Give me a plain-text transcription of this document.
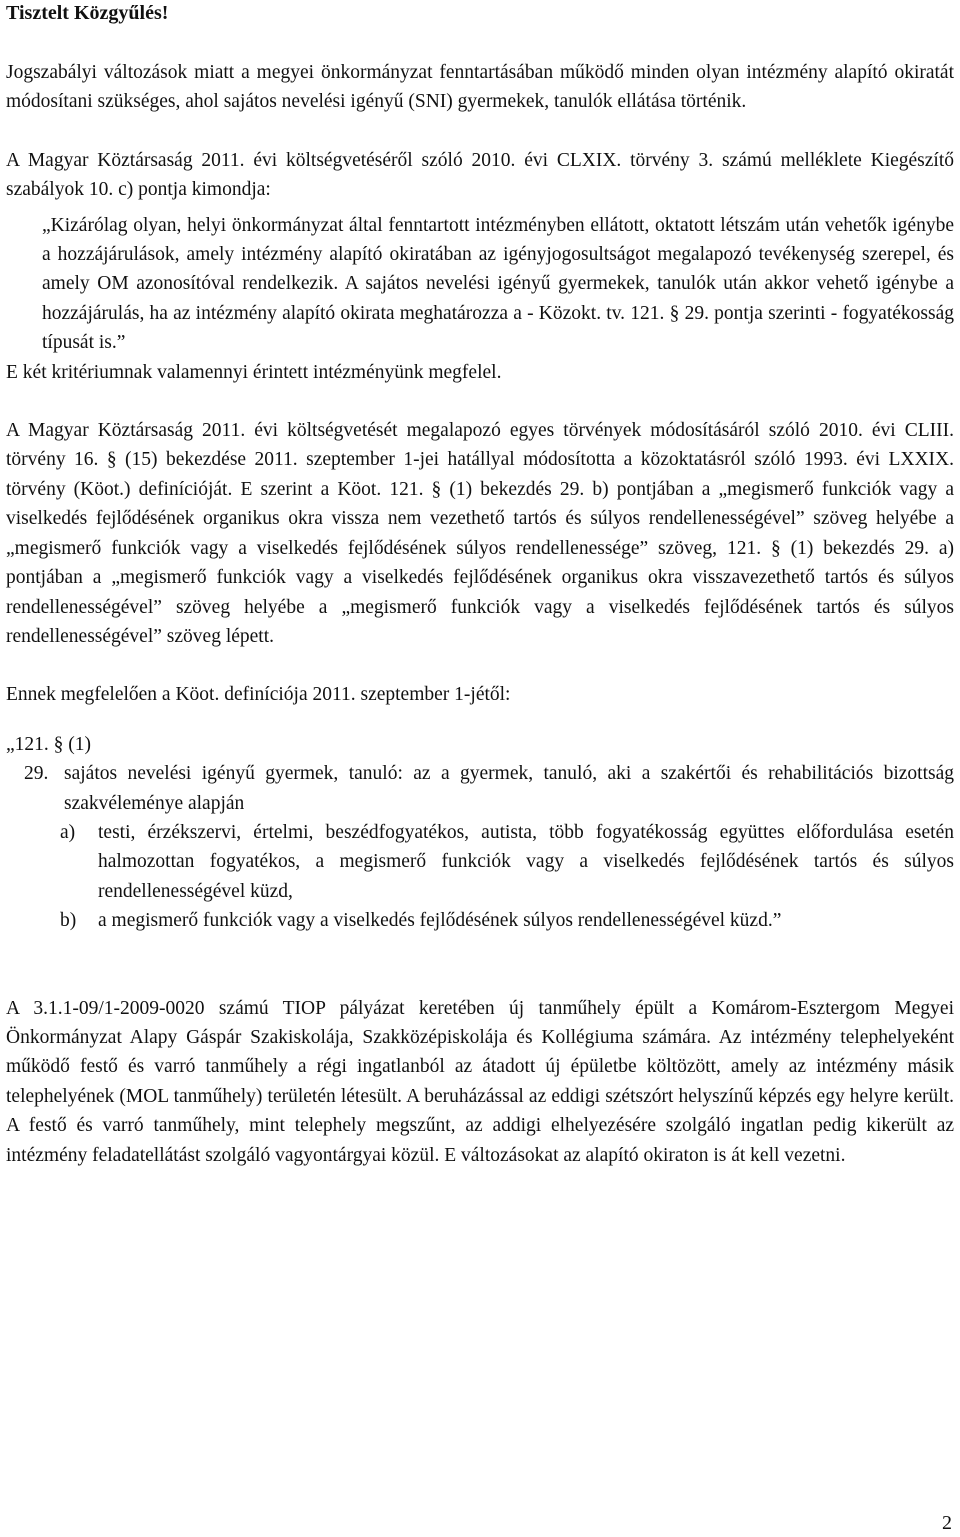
Tisztelt Közgyűlés!

Jogszabályi változások miatt a megyei önkormányzat fenntartásában működő minden olyan intézmény alapító okiratát módosítani szükséges, ahol sajátos nevelési igényű (SNI) gyermekek, tanulók ellátása történik.

A Magyar Köztársaság 2011. évi költségvetéséről szóló 2010. évi CLXIX. törvény 3. számú melléklete Kiegészítő szabályok 10. c) pontja kimondja:

„Kizárólag olyan, helyi önkormányzat által fenntartott intézményben ellátott, oktatott létszám után vehetők igénybe a hozzájárulások, amely intézmény alapító okiratában az igényjogosultságot megalapozó tevékenység szerepel, és amely OM azonosítóval rendelkezik. A sajátos nevelési igényű gyermekek, tanulók után akkor vehető igénybe a hozzájárulás, ha az intézmény alapító okirata meghatározza a - Közokt. tv. 121. § 29. pontja szerinti - fogyatékosság típusát is.”

E két kritériumnak valamennyi érintett intézményünk megfelel.

A Magyar Köztársaság 2011. évi költségvetését megalapozó egyes törvények módosításáról szóló 2010. évi CLIII. törvény 16. § (15) bekezdése 2011. szeptember 1-jei hatállyal módosította a közoktatásról szóló 1993. évi LXXIX. törvény (Köot.) definícióját. E szerint a Köot. 121. § (1) bekezdés 29. b) pontjában a „megismerő funkciók vagy a viselkedés fejlődésének organikus okra vissza nem vezethető tartós és súlyos rendellenességével” szöveg helyébe a „megismerő funkciók vagy a viselkedés fejlődésének súlyos rendellenessége” szöveg, 121. § (1) bekezdés 29. a) pontjában a „megismerő funkciók vagy a viselkedés fejlődésének organikus okra visszavezethető tartós és súlyos rendellenességével” szöveg helyébe a „megismerő funkciók vagy a viselkedés fejlődésének tartós és súlyos rendellenességével” szöveg lépett.

Ennek megfelelően a Köot. definíciója 2011. szeptember 1-jétől:

„121. § (1)

29. sajátos nevelési igényű gyermek, tanuló: az a gyermek, tanuló, aki a szakértői és rehabilitációs bizottság szakvéleménye alapján
a)	testi, érzékszervi, értelmi, beszédfogyatékos, autista, több fogyatékosság együttes előfordulása esetén halmozottan fogyatékos, a megismerő funkciók vagy a viselkedés fejlődésének tartós és súlyos rendellenességével küzd,
b)	a megismerő funkciók vagy a viselkedés fejlődésének súlyos rendellenességével küzd.”

A 3.1.1-09/1-2009-0020 számú TIOP pályázat keretében új tanműhely épült a Komárom-Esztergom Megyei Önkormányzat Alapy Gáspár Szakiskolája, Szakközépiskolája és Kollégiuma számára. Az intézmény telephelyeként működő festő és varró tanműhely a régi ingatlanból az átadott új épületbe költözött, amely az intézmény másik telephelyének (MOL tanműhely) területén létesült. A beruházással az eddigi szétszórt helyszínű képzés egy helyre került. A festő és varró tanműhely, mint telephely megszűnt, az addigi elhelyezésére szolgáló ingatlan pedig kikerült az intézmény feladatellátást szolgáló vagyontárgyai közül. E változásokat az alapító okiraton is át kell vezetni.

2
